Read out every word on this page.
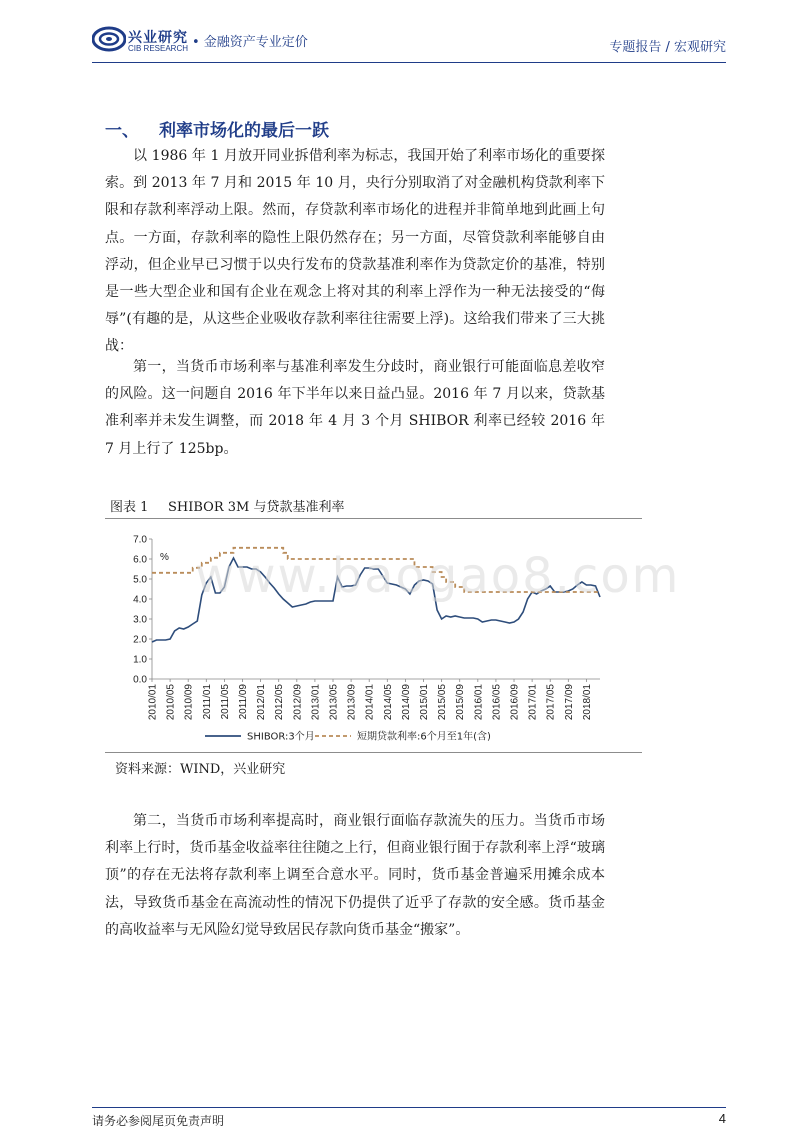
兴业研究
CIB RESEARCH • 金融资产专业定价	专题报告 / 宏观研究
一、 利率市场化的最后一跃

以 1986 年 1 月放开同业拆借利率为标志，我国开始了利率市场化的重要探索。到 2013 年 7 月和 2015 年 10 月，央行分别取消了对金融机构贷款利率下限和存款利率浮动上限。然而，存贷款利率市场化的进程并非简单地到此画上句点。一方面，存款利率的隐性上限仍然存在；另一方面，尽管贷款利率能够自由浮动，但企业早已习惯于以央行发布的贷款基准利率作为贷款定价的基准，特别是一些大型企业和国有企业在观念上将对其的利率上浮作为一种无法接受的“侮辱”(有趣的是，从这些企业吸收存款利率往往需要上浮)。这给我们带来了三大挑战：

第一，当货币市场利率与基准利率发生分歧时，商业银行可能面临息差收窄的风险。这一问题自 2016 年下半年以来日益凸显。2016 年 7 月以来，贷款基准利率并未发生调整，而 2018 年 4 月 3 个月 SHIBOR 利率已经较 2016 年 7 月上行了 125bp。

图表 1 SHIBOR 3M 与贷款基准利率
0.0
1.0
2.0
3.0
4.0
5.0
6.0
7.0
%
2010/01 2010/05 2010/09 2011/01 2011/05 2011/09 2012/01 2012/05 2012/09 2013/01 2013/05 2013/09 2014/01 2014/05 2014/09 2015/01 2015/05 2015/09 2016/01 2016/05 2016/09 2017/01 2017/05 2017/09 2018/01
SHIBOR:3个月	短期贷款利率:6个月至1年(含)
www.baogao8.com
资料来源：WIND，兴业研究

第二，当货币市场利率提高时，商业银行面临存款流失的压力。当货币市场利率上行时，货币基金收益率往往随之上行，但商业银行囿于存款利率上浮“玻璃顶”的存在无法将存款利率上调至合意水平。同时，货币基金普遍采用摊余成本法，导致货币基金在高流动性的情况下仍提供了近乎了存款的安全感。货币基金的高收益率与无风险幻觉导致居民存款向货币基金“搬家”。

请务必参阅尾页免责声明	4
